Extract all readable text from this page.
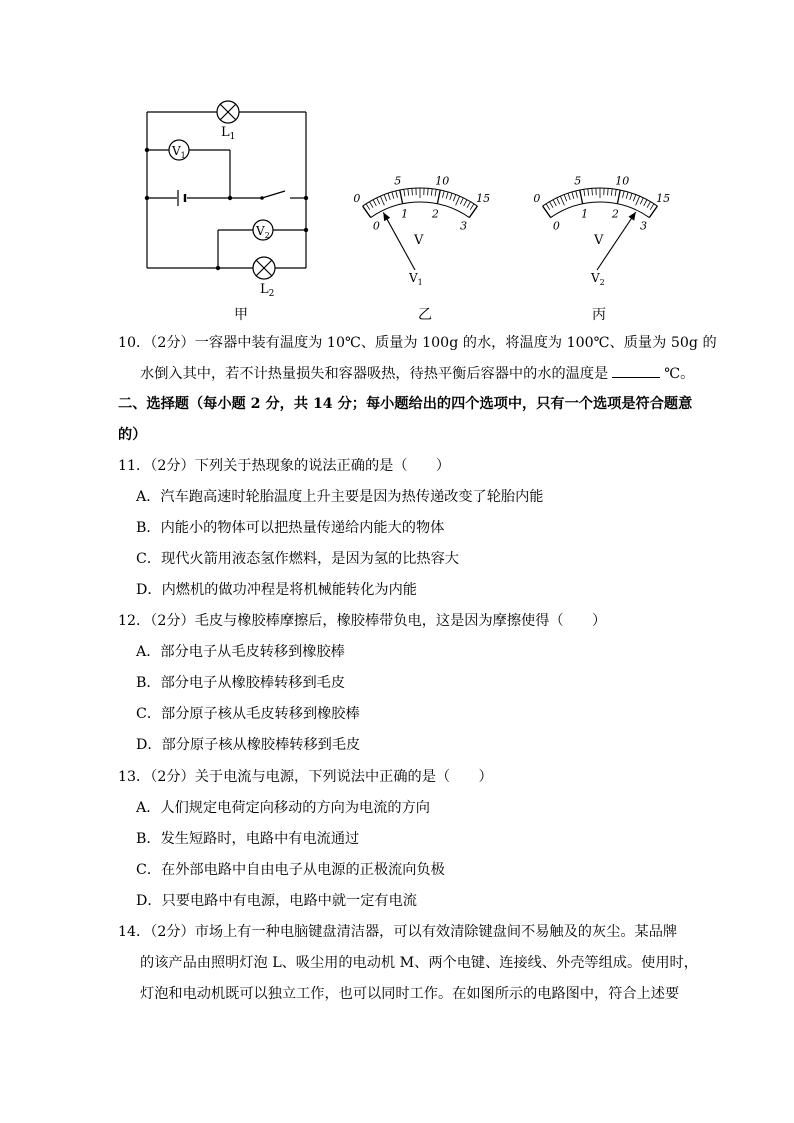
$V_1$
$V_2$
$L_1$
$L_2$
0
5	10
15
0
1 2
3
V
$V_1$
0
5	10
15
0
1 2
3
V
$V_2$
甲	乙	丙
10．（2分）一容器中装有温度为 10℃、质量为 100g 的水，将温度为 100℃、质量为 50g 的
水倒入其中，若不计热量损失和容器吸热，待热平衡后容器中的水的温度是	℃。
二、选择题（每小题 2 分，共 14 分；每小题给出的四个选项中，只有一个选项是符合题意
的）
11．（2分）下列关于热现象的说法正确的是（　　）
A．汽车跑高速时轮胎温度上升主要是因为热传递改变了轮胎内能
B．内能小的物体可以把热量传递给内能大的物体
C．现代火箭用液态氢作燃料，是因为氢的比热容大
D．内燃机的做功冲程是将机械能转化为内能
12．（2分）毛皮与橡胶棒摩擦后，橡胶棒带负电，这是因为摩擦使得（　　）
A．部分电子从毛皮转移到橡胶棒
B．部分电子从橡胶棒转移到毛皮
C．部分原子核从毛皮转移到橡胶棒
D．部分原子核从橡胶棒转移到毛皮
13．（2分）关于电流与电源，下列说法中正确的是（　　）
A．人们规定电荷定向移动的方向为电流的方向
B．发生短路时，电路中有电流通过
C．在外部电路中自由电子从电源的正极流向负极
D．只要电路中有电源，电路中就一定有电流
14．（2分）市场上有一种电脑键盘清洁器，可以有效清除键盘间不易触及的灰尘。某品牌
的该产品由照明灯泡 L、吸尘用的电动机 M、两个电键、连接线、外壳等组成。使用时，
灯泡和电动机既可以独立工作，也可以同时工作。在如图所示的电路图中，符合上述要
